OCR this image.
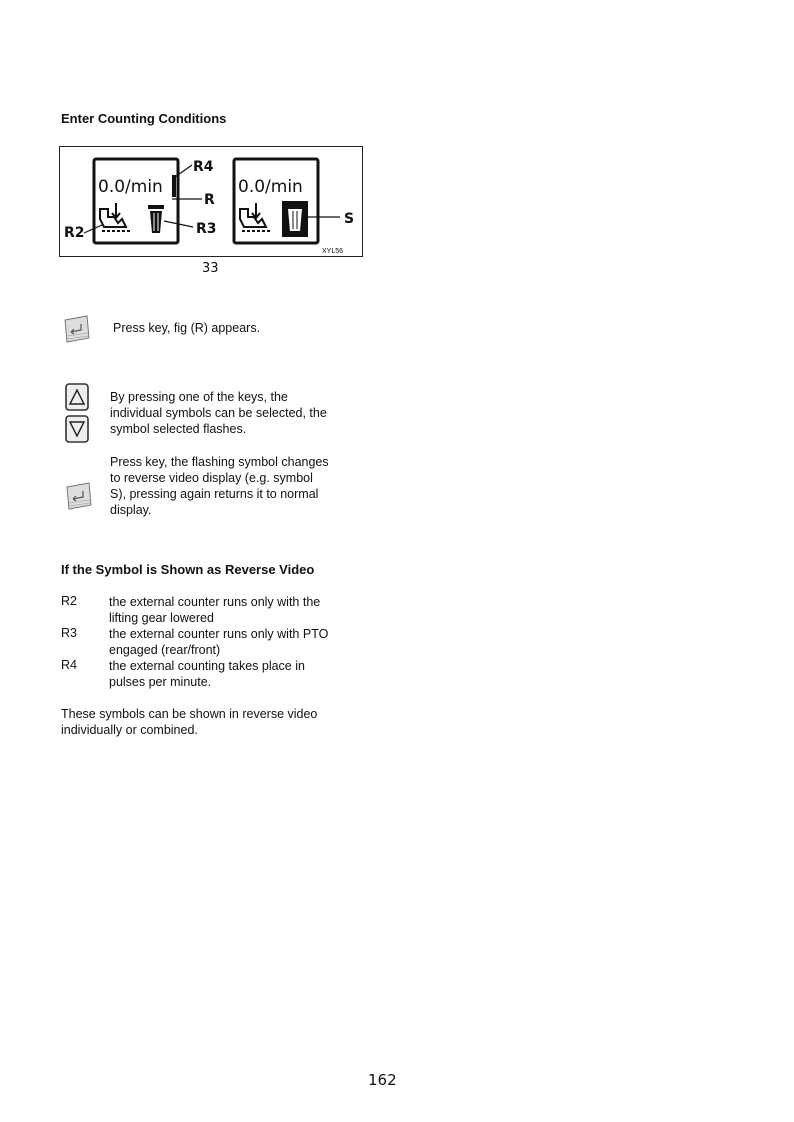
Enter Counting Conditions
0.0/min
R4
R
R3
R2
0.0/min
S
XYL56
33
Press key, fig (R) appears.
By pressing one of the keys, the
individual symbols can be selected, the
symbol selected flashes.
Press key, the flashing symbol changes
to reverse video display (e.g. symbol
S), pressing again returns it to normal
display.
If the Symbol is Shown as Reverse Video
R2	the external counter runs only with the
lifting gear lowered
R3	the external counter runs only with PTO
engaged (rear/front)
R4	the external counting takes place in
pulses per minute.
These symbols can be shown in reverse video
individually or combined.
162
